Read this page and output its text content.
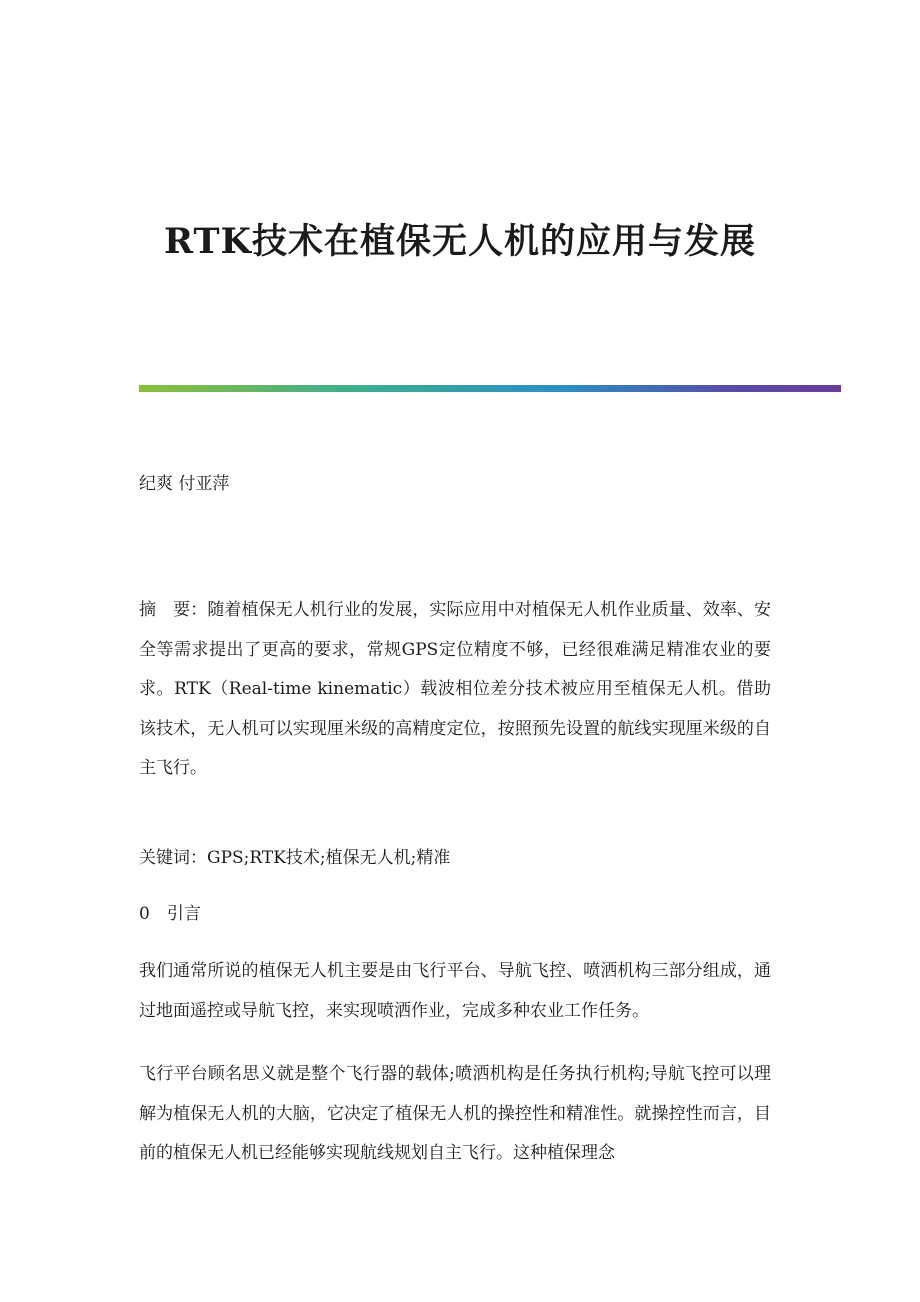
RTK技术在植保无人机的应用与发展
纪爽 付亚萍
摘　要：随着植保无人机行业的发展，实际应用中对植保无人机作业质量、效率、安全等需求提出了更高的要求，常规GPS定位精度不够，已经很难满足精准农业的要求。RTK（Real-time kinematic）载波相位差分技术被应用至植保无人机。借助该技术，无人机可以实现厘米级的高精度定位，按照预先设置的航线实现厘米级的自主飞行。
关键词：GPS;RTK技术;植保无人机;精准
0　引言
我们通常所说的植保无人机主要是由飞行平台、导航飞控、喷洒机构三部分组成，通过地面遥控或导航飞控，来实现喷洒作业，完成多种农业工作任务。
飞行平台顾名思义就是整个飞行器的载体;喷洒机构是任务执行机构;导航飞控可以理解为植保无人机的大脑，它决定了植保无人机的操控性和精准性。就操控性而言，目前的植保无人机已经能够实现航线规划自主飞行。这种植保理念
